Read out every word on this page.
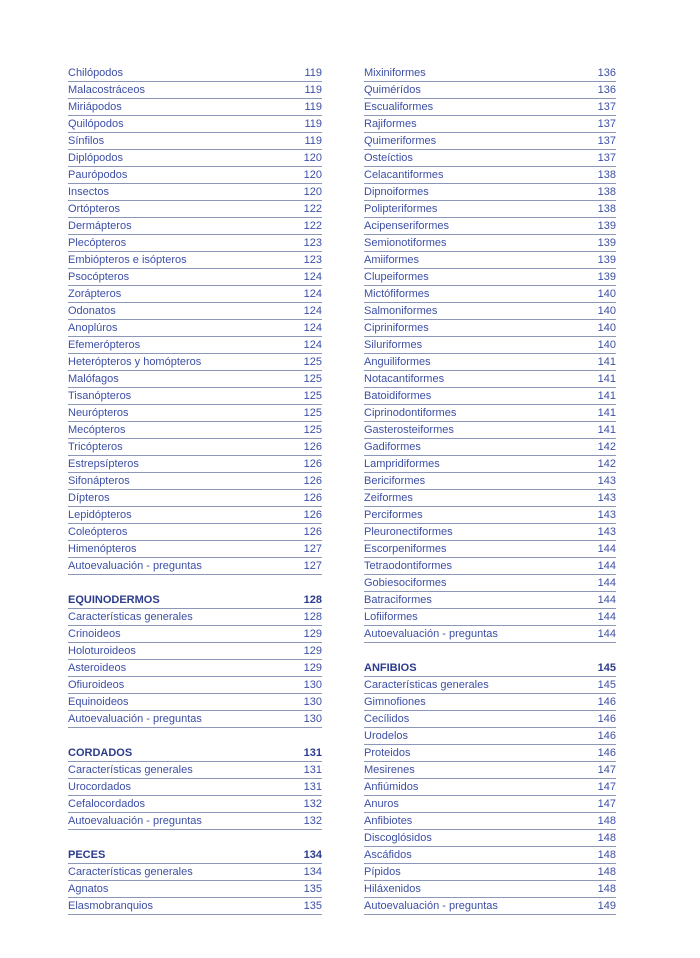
Chilópodos	119
Malacostráceos	119
Miriápodos	119
Quilópodos	119
Sínfilos	119
Diplópodos	120
Paurópodos	120
Insectos	120
Ortópteros	122
Dermápteros	122
Plecópteros	123
Embiópteros e isópteros	123
Psocópteros	124
Zorápteros	124
Odonatos	124
Anoplúros	124
Efemerópteros	124
Heterópteros y homópteros	125
Malófagos	125
Tisanópteros	125
Neurópteros	125
Mecópteros	125
Tricópteros	126
Estrepsípteros	126
Sifonápteros	126
Dípteros	126
Lepidópteros	126
Coleópteros	126
Himenópteros	127
Autoevaluación - preguntas	127
EQUINODERMOS	128
Características generales	128
Crinoideos	129
Holoturoideos	129
Asteroideos	129
Ofiuroideos	130
Equinoideos	130
Autoevaluación - preguntas	130
CORDADOS	131
Características generales	131
Urocordados	131
Cefalocordados	132
Autoevaluación - preguntas	132
PECES	134
Características generales	134
Agnatos	135
Elasmobranquios	135
Mixiniformes	136
Quimérídos	136
Escualiformes	137
Rajiformes	137
Quimeriformes	137
Osteíctios	137
Celacantiformes	138
Dipnoiformes	138
Polipteriformes	138
Acipenseriformes	139
Semionotiformes	139
Amiiformes	139
Clupeiformes	139
Mictófiformes	140
Salmoniformes	140
Cipriniformes	140
Siluriformes	140
Anguiliformes	141
Notacantiformes	141
Batoidiformes	141
Ciprinodontiformes	141
Gasterosteiformes	141
Gadiformes	142
Lampridiformes	142
Bericiformes	143
Zeiformes	143
Perciformes	143
Pleuronectiformes	143
Escorpeniformes	144
Tetraodontiformes	144
Gobiesociformes	144
Batraciformes	144
Lofiiformes	144
Autoevaluación - preguntas	144
ANFIBIOS	145
Características generales	145
Gimnofiones	146
Cecílidos	146
Urodelos	146
Proteidos	146
Mesirenes	147
Anfiúmidos	147
Anuros	147
Anfibiotes	148
Discoglósidos	148
Ascáfidos	148
Pípidos	148
Hiláxenidos	148
Autoevaluación - preguntas	149
